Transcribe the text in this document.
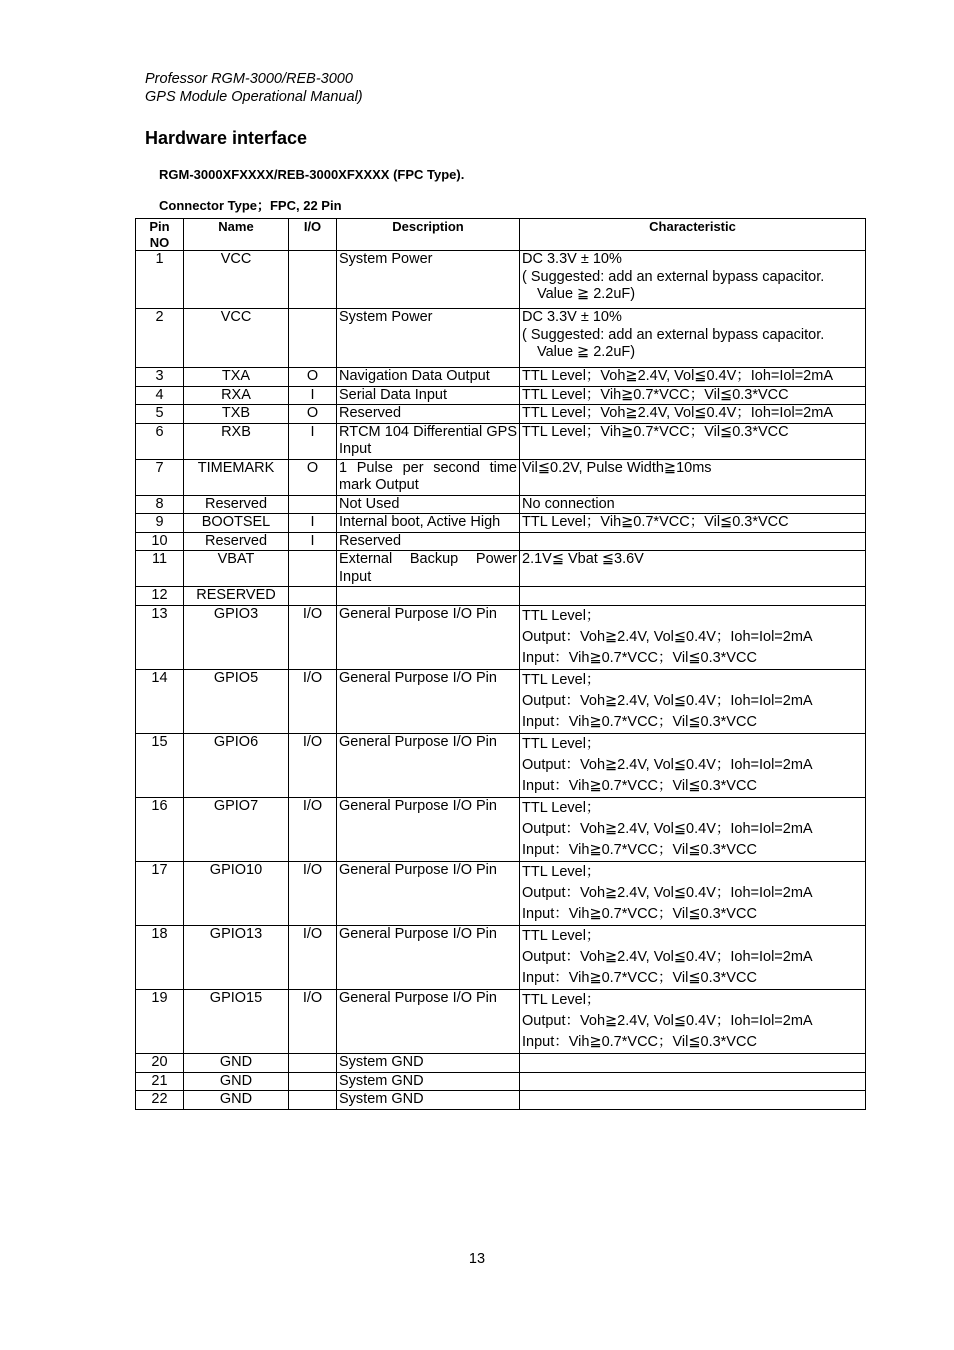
Professor RGM-3000/REB-3000
GPS Module Operational Manual)
Hardware interface
RGM-3000XFXXXX/REB-3000XFXXXX (FPC Type).
Connector Type；FPC, 22 Pin
Pin
NO	Name	I/O	Description	Characteristic
1	VCC		System Power	DC 3.3V ± 10%
( Suggested: add an external bypass capacitor.
Value ≧ 2.2uF)

2	VCC		System Power	DC 3.3V ± 10%
( Suggested: add an external bypass capacitor.
Value ≧ 2.2uF)

3	TXA	O	Navigation Data Output	TTL Level；Voh≧2.4V, Vol≦0.4V；Ioh=Iol=2mA

4	RXA	I	Serial Data Input	TTL Level；Vih≧0.7*VCC；Vil≦0.3*VCC

5	TXB	O	Reserved	TTL Level；Voh≧2.4V, Vol≦0.4V；Ioh=Iol=2mA

6	RXB	I	RTCM 104 Differential GPS Input	TTL Level；Vih≧0.7*VCC；Vil≦0.3*VCC

7	TIMEMARK	O	1 Pulse per second time mark Output	Vil≦0.2V, Pulse Width≧10ms

8	Reserved		Not Used	No connection

9	BOOTSEL	I	Internal boot, Active High	TTL Level；Vih≧0.7*VCC；Vil≦0.3*VCC

10	Reserved	I	Reserved	
11	VBAT		External Backup Power Input	2.1V≦ Vbat ≦3.6V

12	RESERVED			
13	GPIO3	I/O	General Purpose I/O Pin	TTL Level；
Output：Voh≧2.4V, Vol≦0.4V；Ioh=Iol=2mA
Input：Vih≧0.7*VCC；Vil≦0.3*VCC

14	GPIO5	I/O	General Purpose I/O Pin	TTL Level；
Output：Voh≧2.4V, Vol≦0.4V；Ioh=Iol=2mA
Input：Vih≧0.7*VCC；Vil≦0.3*VCC

15	GPIO6	I/O	General Purpose I/O Pin	TTL Level；
Output：Voh≧2.4V, Vol≦0.4V；Ioh=Iol=2mA
Input：Vih≧0.7*VCC；Vil≦0.3*VCC

16	GPIO7	I/O	General Purpose I/O Pin	TTL Level；
Output：Voh≧2.4V, Vol≦0.4V；Ioh=Iol=2mA
Input：Vih≧0.7*VCC；Vil≦0.3*VCC

17	GPIO10	I/O	General Purpose I/O Pin	TTL Level；
Output：Voh≧2.4V, Vol≦0.4V；Ioh=Iol=2mA
Input：Vih≧0.7*VCC；Vil≦0.3*VCC

18	GPIO13	I/O	General Purpose I/O Pin	TTL Level；
Output：Voh≧2.4V, Vol≦0.4V；Ioh=Iol=2mA
Input：Vih≧0.7*VCC；Vil≦0.3*VCC

19	GPIO15	I/O	General Purpose I/O Pin	TTL Level；
Output：Voh≧2.4V, Vol≦0.4V；Ioh=Iol=2mA
Input：Vih≧0.7*VCC；Vil≦0.3*VCC

20	GND		System GND	
21	GND		System GND	
22	GND		System GND	
13
